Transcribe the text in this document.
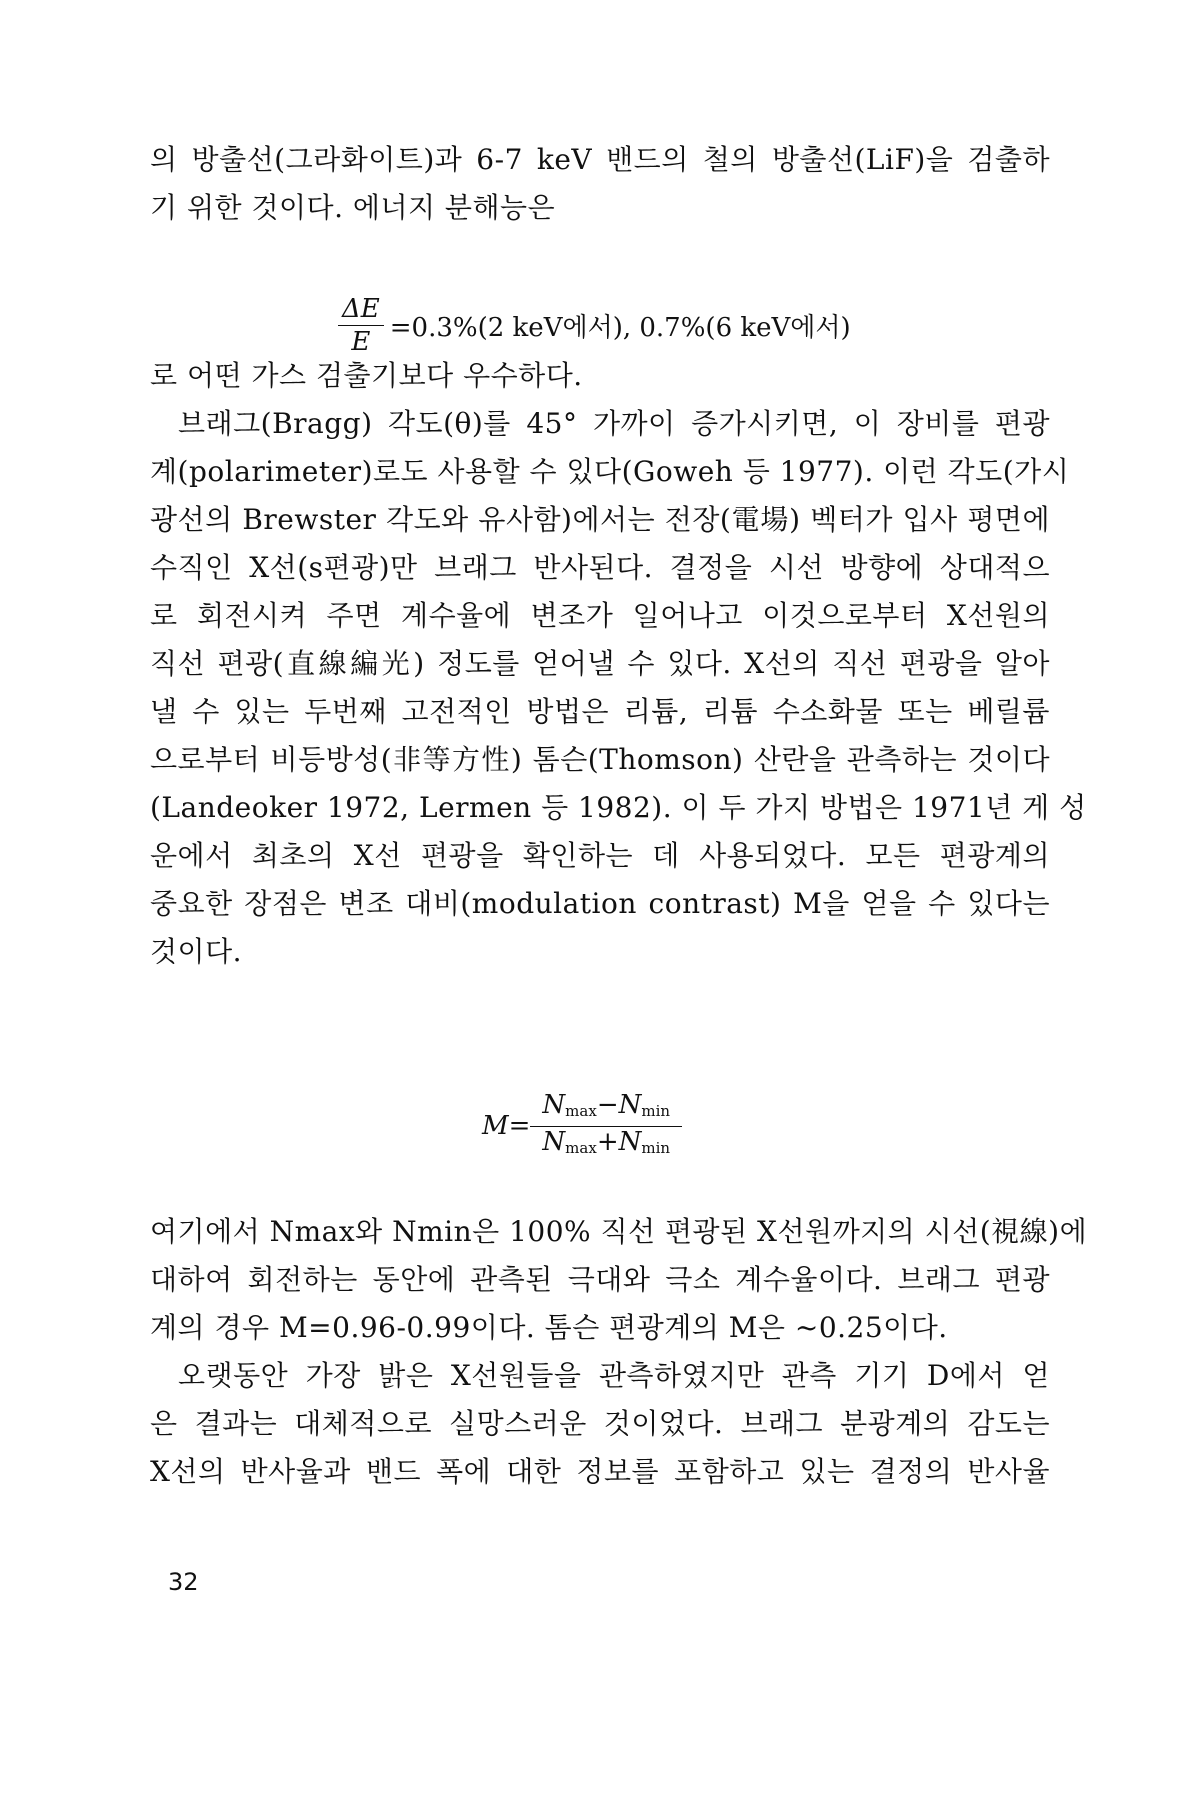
의 방출선(그라화이트)과 6-7 keV 밴드의 철의 방출선(LiF)을 검출하
기 위한 것이다. 에너지 분해능은
$\frac{\Delta E}{E} =0.3\%(2$ keV에서), 0.7%(6 keV에서)
로 어떤 가스 검출기보다 우수하다.
브래그(Bragg) 각도(θ)를 45° 가까이 증가시키면, 이 장비를 편광
계(polarimeter)로도 사용할 수 있다(Goweh 등 1977). 이런 각도(가시
광선의 Brewster 각도와 유사함)에서는 전장(電場) 벡터가 입사 평면에
수직인 X선(s편광)만 브래그 반사된다. 결정을 시선 방향에 상대적으
로 회전시켜 주면 계수율에 변조가 일어나고 이것으로부터 X선원의
직선 편광(直線編光) 정도를 얻어낼 수 있다. X선의 직선 편광을 알아
낼 수 있는 두번째 고전적인 방법은 리튬, 리튬 수소화물 또는 베릴륨
으로부터 비등방성(非等方性) 톰슨(Thomson) 산란을 관측하는 것이다
(Landeoker 1972, Lermen 등 1982). 이 두 가지 방법은 1971년 게 성
운에서 최초의 X선 편광을 확인하는 데 사용되었다. 모든 편광계의
중요한 장점은 변조 대비(modulation contrast) M을 얻을 수 있다는
것이다.
$M= \frac{N_{max}-N_{min}}{N_{max}+N_{min}}$
여기에서 Nmax와 Nmin은 100% 직선 편광된 X선원까지의 시선(視線)에
대하여 회전하는 동안에 관측된 극대와 극소 계수율이다. 브래그 편광
계의 경우 M=0.96-0.99이다. 톰슨 편광계의 M은 ~0.25이다.
오랫동안 가장 밝은 X선원들을 관측하였지만 관측 기기 D에서 얻
은 결과는 대체적으로 실망스러운 것이었다. 브래그 분광계의 감도는
X선의 반사율과 밴드 폭에 대한 정보를 포함하고 있는 결정의 반사율
32
